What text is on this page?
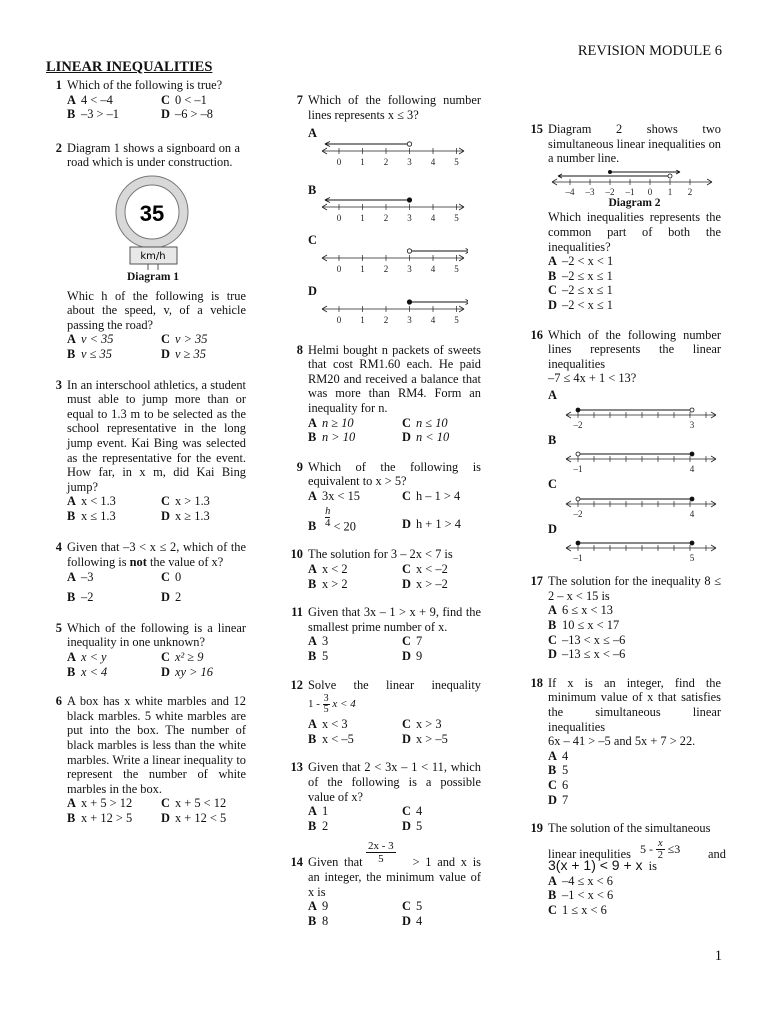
REVISION MODULE 6
LINEAR INEQUALITIES
1 Which of the following is true?
A 4 < –4	C 0 < –1
B –3 > –1	D –6 > –8
2 Diagram 1 shows a signboard on a road which is under construction.
35
km/h
Diagram 1
Whic h of the following is true about the speed, v, of a vehicle passing the road?
A v < 35	C v > 35
B v ≤ 35	D v ≥ 35
3 In an interschool athletics, a student must able to jump more than or equal to 1.3 m to be selected as the school representative in the long jump event. Kai Bing was selected as the representative for the event. How far, in x m, did Kai Bing jump?
A x < 1.3	C x > 1.3
B x ≤ 1.3	D x ≥ 1.3
4 Given that –3 < x ≤ 2, which of the following is not the value of x?
A –3	C 0
B –2	D 2
5 Which of the following is a linear inequality in one unknown?
A x < y	C x² ≥ 9
B x < 4	D xy > 16
6 A box has x white marbles and 12 black marbles. 5 white marbles are put into the box. The number of black marbles is less than the white marbles. Write a linear inequality to represent the number of white marbles in the box.
A x + 5 > 12	C x + 5 < 12
B x + 12 > 5	D x + 12 < 5
7 Which of the following number lines represents x ≤ 3?
A
0 1 2 3 4 5
B
0 1 2 3 4 5
C
0 1 2 3 4 5
D
0 1 2 3 4 5
8 Helmi bought n packets of sweets that cost RM1.60 each. He paid RM20 and received a balance that was more than RM4. Form an inequality for n.
A n ≥ 10	C n ≤ 10
B n > 10	D n < 10
9 Which of the following is equivalent to x > 5?
A 3x < 15	C h – 1 > 4
B $\frac{h}{4} < 20$	D h + 1 > 4
10 The solution for 3 – 2x < 7 is
A x < 2	C x < –2
B x > 2	D x > –2
11 Given that 3x – 1 > x + 9, find the smallest prime number of x.
A 3	C 7
B 5	D 9
12 Solve the linear inequality
$1 - \frac{3}{5}$ x < 4
A x < 3	C x > 3
B x < –5	D x > –5
13 Given that 2 < 3x – 1 < 11, which of the following is a possible value of x?
A 1	C 4
B 2	D 5
2x - 3
5
14 Given that	> 1 and x is an integer, the minimum value of x is
A 9	C 5
B 8	D 4
15 Diagram 2 shows two simultaneous linear inequalities on a number line.
–4 –3 –2 –1 0 1 2
Diagram 2
Which inequalities represents the common part of both the inequalities?
A –2 < x < 1
B –2 ≤ x ≤ 1
C –2 ≤ x ≤ 1
D –2 < x ≤ 1
16 Which of the following number lines represents the linear inequalities
–7 ≤ 4x + 1 < 13?
A
–2	3
B
–1	4
C
–2	4
D
–1	5
17 The solution for the inequality 8 ≤ 2 – x < 15 is
A 6 ≤ x < 13
B 10 ≤ x < 17
C –13 < x ≤ –6
D –13 ≤ x < –6
18 If x is an integer, find the minimum value of x that satisfies the simultaneous linear inequalities
6x – 41 > –5 and 5x + 7 > 22.
A 4
B 5
C 6
D 7
19 The solution of the simultaneous
linear inequlities $5 - \frac{x}{2} \le 3$ and
3(x + 1) < 9 + x is
A –4 ≤ x < 6
B –1 < x < 6
C 1 ≤ x < 6
1
